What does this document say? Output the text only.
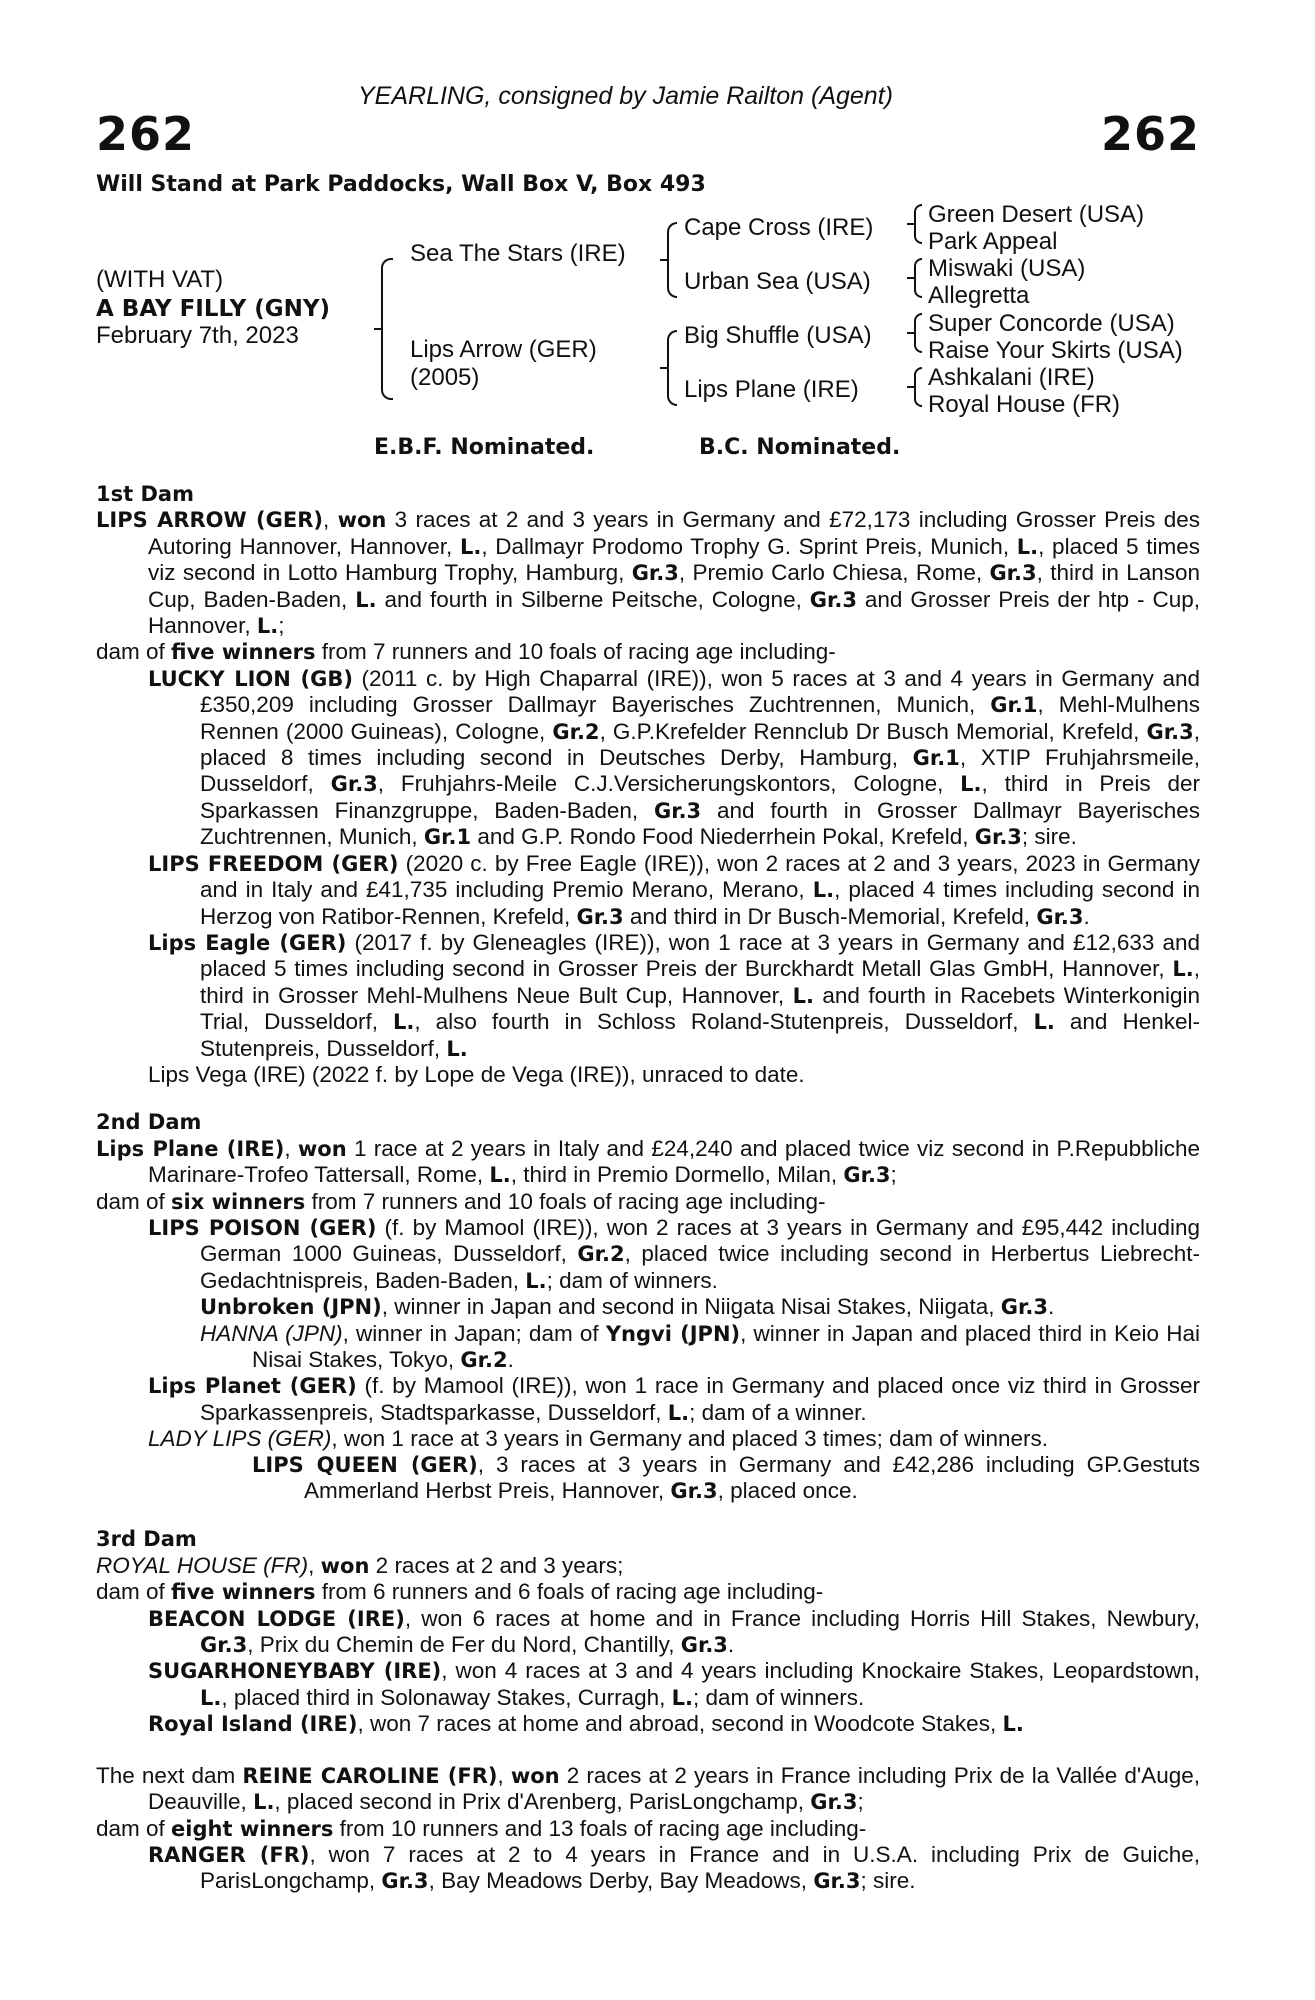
262	262
YEARLING, consigned by Jamie Railton (Agent)
Will Stand at Park Paddocks, Wall Box V, Box 493
(WITH VAT)
A BAY FILLY (GNY)
February 7th, 2023
Sea The Stars (IRE)
Lips Arrow (GER)
(2005)
Cape Cross (IRE)
Urban Sea (USA)
Big Shuffle (USA)
Lips Plane (IRE)
Green Desert (USA)
Park Appeal
Miswaki (USA)
Allegretta
Super Concorde (USA)
Raise Your Skirts (USA)
Ashkalani (IRE)
Royal House (FR)
E.B.F. Nominated.	B.C. Nominated.
1st Dam
LIPS ARROW (GER), won 3 races at 2 and 3 years in Germany and £72,173 including Grosser Preis des Autoring Hannover, Hannover, L., Dallmayr Prodomo Trophy G. Sprint Preis, Munich, L., placed 5 times viz second in Lotto Hamburg Trophy, Hamburg, Gr.3, Premio Carlo Chiesa, Rome, Gr.3, third in Lanson Cup, Baden-Baden, L. and fourth in Silberne Peitsche, Cologne, Gr.3 and Grosser Preis der htp - Cup, Hannover, L.;
dam of five winners from 7 runners and 10 foals of racing age including-
LUCKY LION (GB) (2011 c. by High Chaparral (IRE)), won 5 races at 3 and 4 years in Germany and £350,209 including Grosser Dallmayr Bayerisches Zuchtrennen, Munich, Gr.1, Mehl-Mulhens Rennen (2000 Guineas), Cologne, Gr.2, G.P.Krefelder Rennclub Dr Busch Memorial, Krefeld, Gr.3, placed 8 times including second in Deutsches Derby, Hamburg, Gr.1, XTIP Fruhjahrsmeile, Dusseldorf, Gr.3, Fruhjahrs-Meile C.J.Versicherungskontors, Cologne, L., third in Preis der Sparkassen Finanzgruppe, Baden-Baden, Gr.3 and fourth in Grosser Dallmayr Bayerisches Zuchtrennen, Munich, Gr.1 and G.P. Rondo Food Niederrhein Pokal, Krefeld, Gr.3; sire.
LIPS FREEDOM (GER) (2020 c. by Free Eagle (IRE)), won 2 races at 2 and 3 years, 2023 in Germany and in Italy and £41,735 including Premio Merano, Merano, L., placed 4 times including second in Herzog von Ratibor-Rennen, Krefeld, Gr.3 and third in Dr Busch-Memorial, Krefeld, Gr.3.
Lips Eagle (GER) (2017 f. by Gleneagles (IRE)), won 1 race at 3 years in Germany and £12,633 and placed 5 times including second in Grosser Preis der Burckhardt Metall Glas GmbH, Hannover, L., third in Grosser Mehl-Mulhens Neue Bult Cup, Hannover, L. and fourth in Racebets Winterkonigin Trial, Dusseldorf, L., also fourth in Schloss Roland-Stutenpreis, Dusseldorf, L. and Henkel-Stutenpreis, Dusseldorf, L.
Lips Vega (IRE) (2022 f. by Lope de Vega (IRE)), unraced to date.
2nd Dam
Lips Plane (IRE), won 1 race at 2 years in Italy and £24,240 and placed twice viz second in P.Repubbliche Marinare-Trofeo Tattersall, Rome, L., third in Premio Dormello, Milan, Gr.3;
dam of six winners from 7 runners and 10 foals of racing age including-
LIPS POISON (GER) (f. by Mamool (IRE)), won 2 races at 3 years in Germany and £95,442 including German 1000 Guineas, Dusseldorf, Gr.2, placed twice including second in Herbertus Liebrecht-Gedachtnispreis, Baden-Baden, L.; dam of winners.
Unbroken (JPN), winner in Japan and second in Niigata Nisai Stakes, Niigata, Gr.3.
HANNA (JPN), winner in Japan; dam of Yngvi (JPN), winner in Japan and placed third in Keio Hai Nisai Stakes, Tokyo, Gr.2.
Lips Planet (GER) (f. by Mamool (IRE)), won 1 race in Germany and placed once viz third in Grosser Sparkassenpreis, Stadtsparkasse, Dusseldorf, L.; dam of a winner.
LADY LIPS (GER), won 1 race at 3 years in Germany and placed 3 times; dam of winners.
LIPS QUEEN (GER), 3 races at 3 years in Germany and £42,286 including GP.Gestuts Ammerland Herbst Preis, Hannover, Gr.3, placed once.
3rd Dam
ROYAL HOUSE (FR), won 2 races at 2 and 3 years;
dam of five winners from 6 runners and 6 foals of racing age including-
BEACON LODGE (IRE), won 6 races at home and in France including Horris Hill Stakes, Newbury, Gr.3, Prix du Chemin de Fer du Nord, Chantilly, Gr.3.
SUGARHONEYBABY (IRE), won 4 races at 3 and 4 years including Knockaire Stakes, Leopardstown, L., placed third in Solonaway Stakes, Curragh, L.; dam of winners.
Royal Island (IRE), won 7 races at home and abroad, second in Woodcote Stakes, L.
The next dam REINE CAROLINE (FR), won 2 races at 2 years in France including Prix de la Vallée d'Auge, Deauville, L., placed second in Prix d'Arenberg, ParisLongchamp, Gr.3;
dam of eight winners from 10 runners and 13 foals of racing age including-
RANGER (FR), won 7 races at 2 to 4 years in France and in U.S.A. including Prix de Guiche, ParisLongchamp, Gr.3, Bay Meadows Derby, Bay Meadows, Gr.3; sire.
